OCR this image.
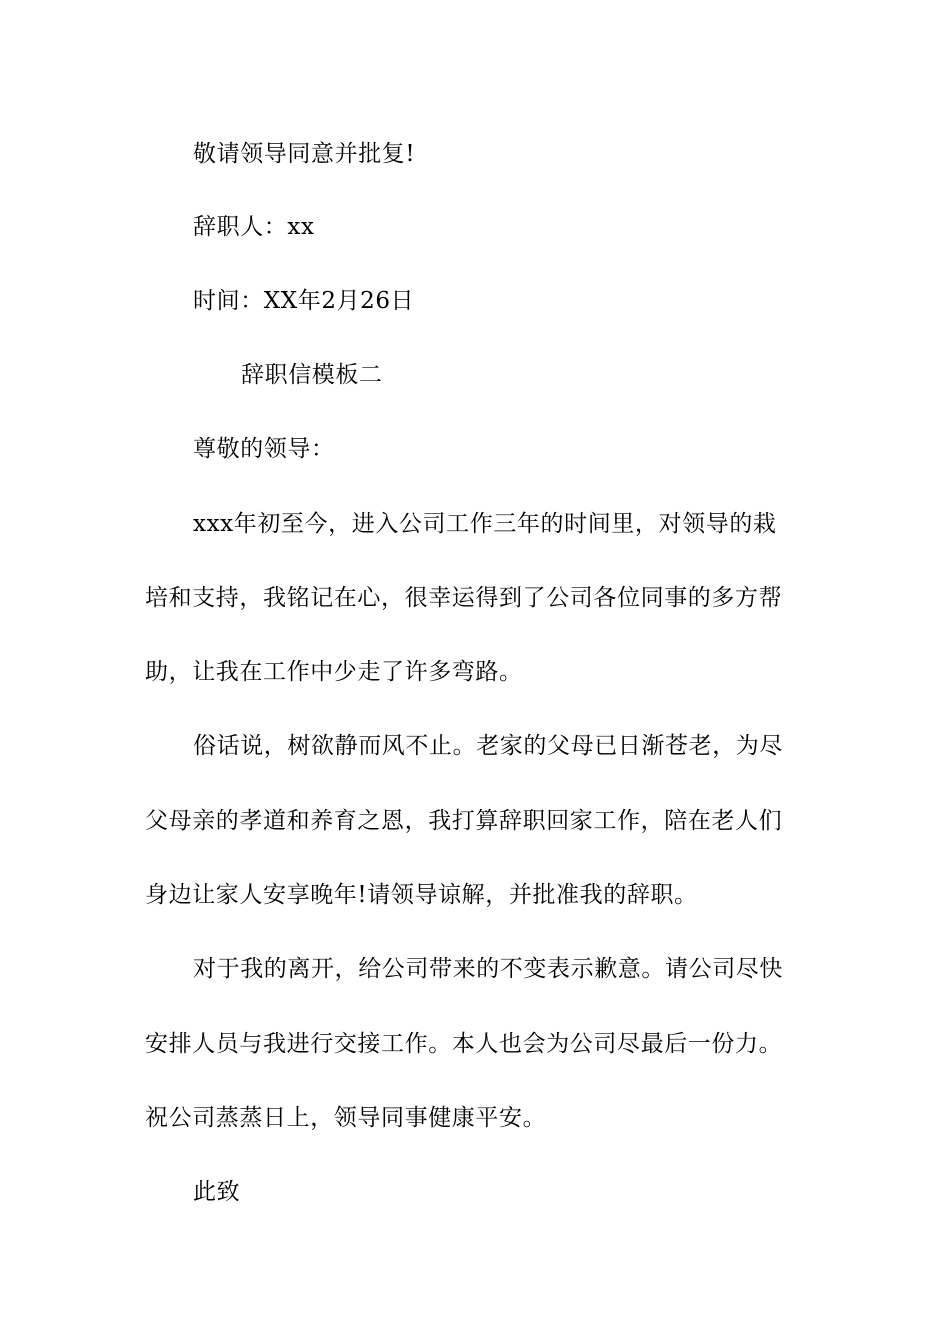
敬请领导同意并批复!
辞职人：xx
时间：XX年2月26日
辞职信模板二
尊敬的领导：
xxx年初至今，进入公司工作三年的时间里，对领导的栽
培和支持，我铭记在心，很幸运得到了公司各位同事的多方帮
助，让我在工作中少走了许多弯路。
俗话说，树欲静而风不止。老家的父母已日渐苍老，为尽
父母亲的孝道和养育之恩，我打算辞职回家工作，陪在老人们
身边让家人安享晚年!请领导谅解，并批准我的辞职。
对于我的离开，给公司带来的不变表示歉意。请公司尽快
安排人员与我进行交接工作。本人也会为公司尽最后一份力。
祝公司蒸蒸日上，领导同事健康平安。
此致
